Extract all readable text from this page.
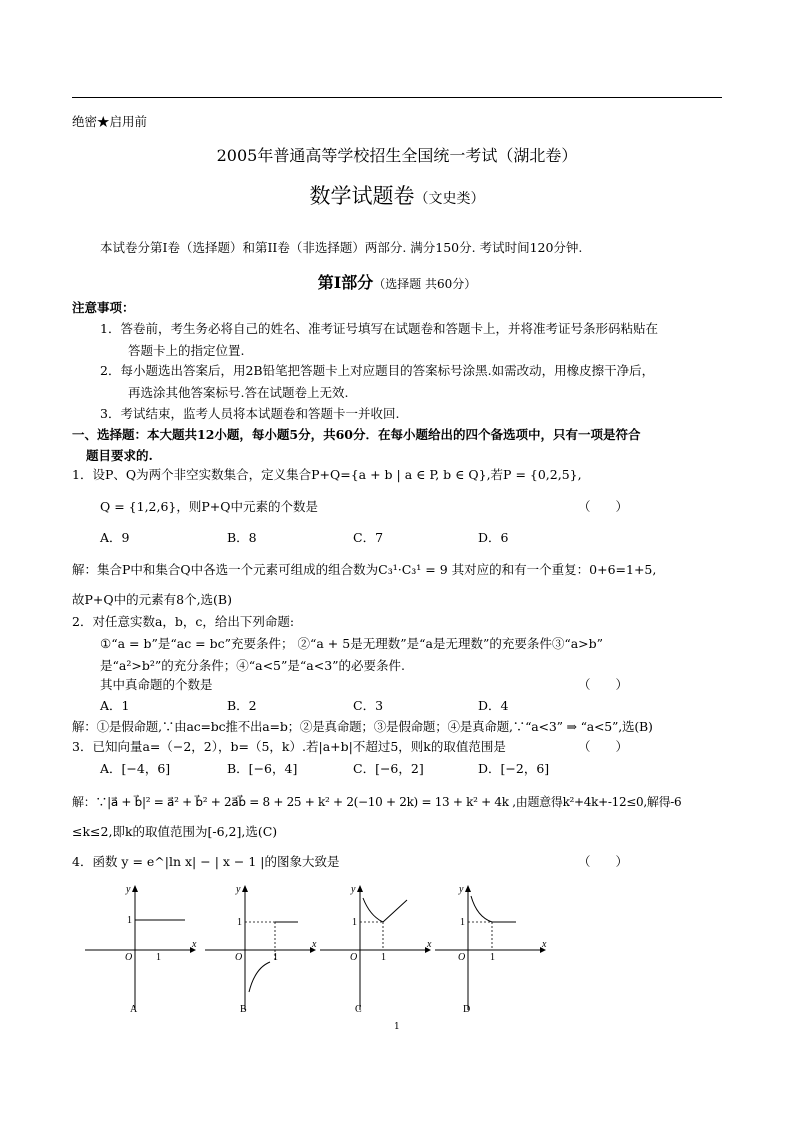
绝密★启用前
2005年普通高等学校招生全国统一考试（湖北卷）
数学试题卷（文史类）
本试卷分第I卷（选择题）和第II卷（非选择题）两部分. 满分150分. 考试时间120分钟.
第I部分（选择题 共60分）
注意事项：
1．答卷前，考生务必将自己的姓名、准考证号填写在试题卷和答题卡上，并将准考证号条形码粘贴在
答题卡上的指定位置.
2．每小题选出答案后，用2B铅笔把答题卡上对应题目的答案标号涂黑.如需改动，用橡皮擦干净后，
再选涂其他答案标号.答在试题卷上无效.
3．考试结束，监考人员将本试题卷和答题卡一并收回.
一、选择题：本大题共12小题，每小题5分，共60分．在每小题给出的四个备选项中，只有一项是符合
题目要求的.
1．设P、Q为两个非空实数集合，定义集合P+Q={a + b | a ∈ P, b ∈ Q},若P = {0,2,5},
Q = {1,2,6}，则P+Q中元素的个数是	（　　）
A．9	B．8	C．7	D．6
解：集合P中和集合Q中各选一个元素可组成的组合数为C₃¹·C₃¹ = 9 其对应的和有一个重复：0+6=1+5,
故P+Q中的元素有8个,选(B)
2．对任意实数a，b，c，给出下列命题:
①“a = b”是“ac = bc”充要条件； ②“a + 5是无理数”是“a是无理数”的充要条件③“a>b”
是“a²>b²”的充分条件；④“a<5”是“a<3”的必要条件.
其中真命题的个数是	（　　）
A．1	B．2	C．3	D．4
解：①是假命题,∵由ac=bc推不出a=b；②是真命题；③是假命题；④是真命题,∵“a<3” ⇒ “a<5”,选(B)
3．已知向量a=（−2，2），b=（5，k）.若|a+b|不超过5，则k的取值范围是	（　　）
A．[−4，6]	B．[−6，4]	C．[−6，2]	D．[−2，6]
解：∵|a⃗ + b⃗|² = a⃗² + b⃗² + 2a⃗b⃗ = 8 + 25 + k² + 2(−10 + 2k) = 13 + k² + 4k ,由题意得k²+4k+-12≤0,解得-6
≤k≤2,即k的取值范围为[-6,2],选(C)
4．函数 y = e^|ln x| − | x − 1 |的图象大致是	（　　）
y
x
O 1
1
A
y
x
O	1
1
B
y
x
O 1
1
C
y
x
O 1
1
D
1
